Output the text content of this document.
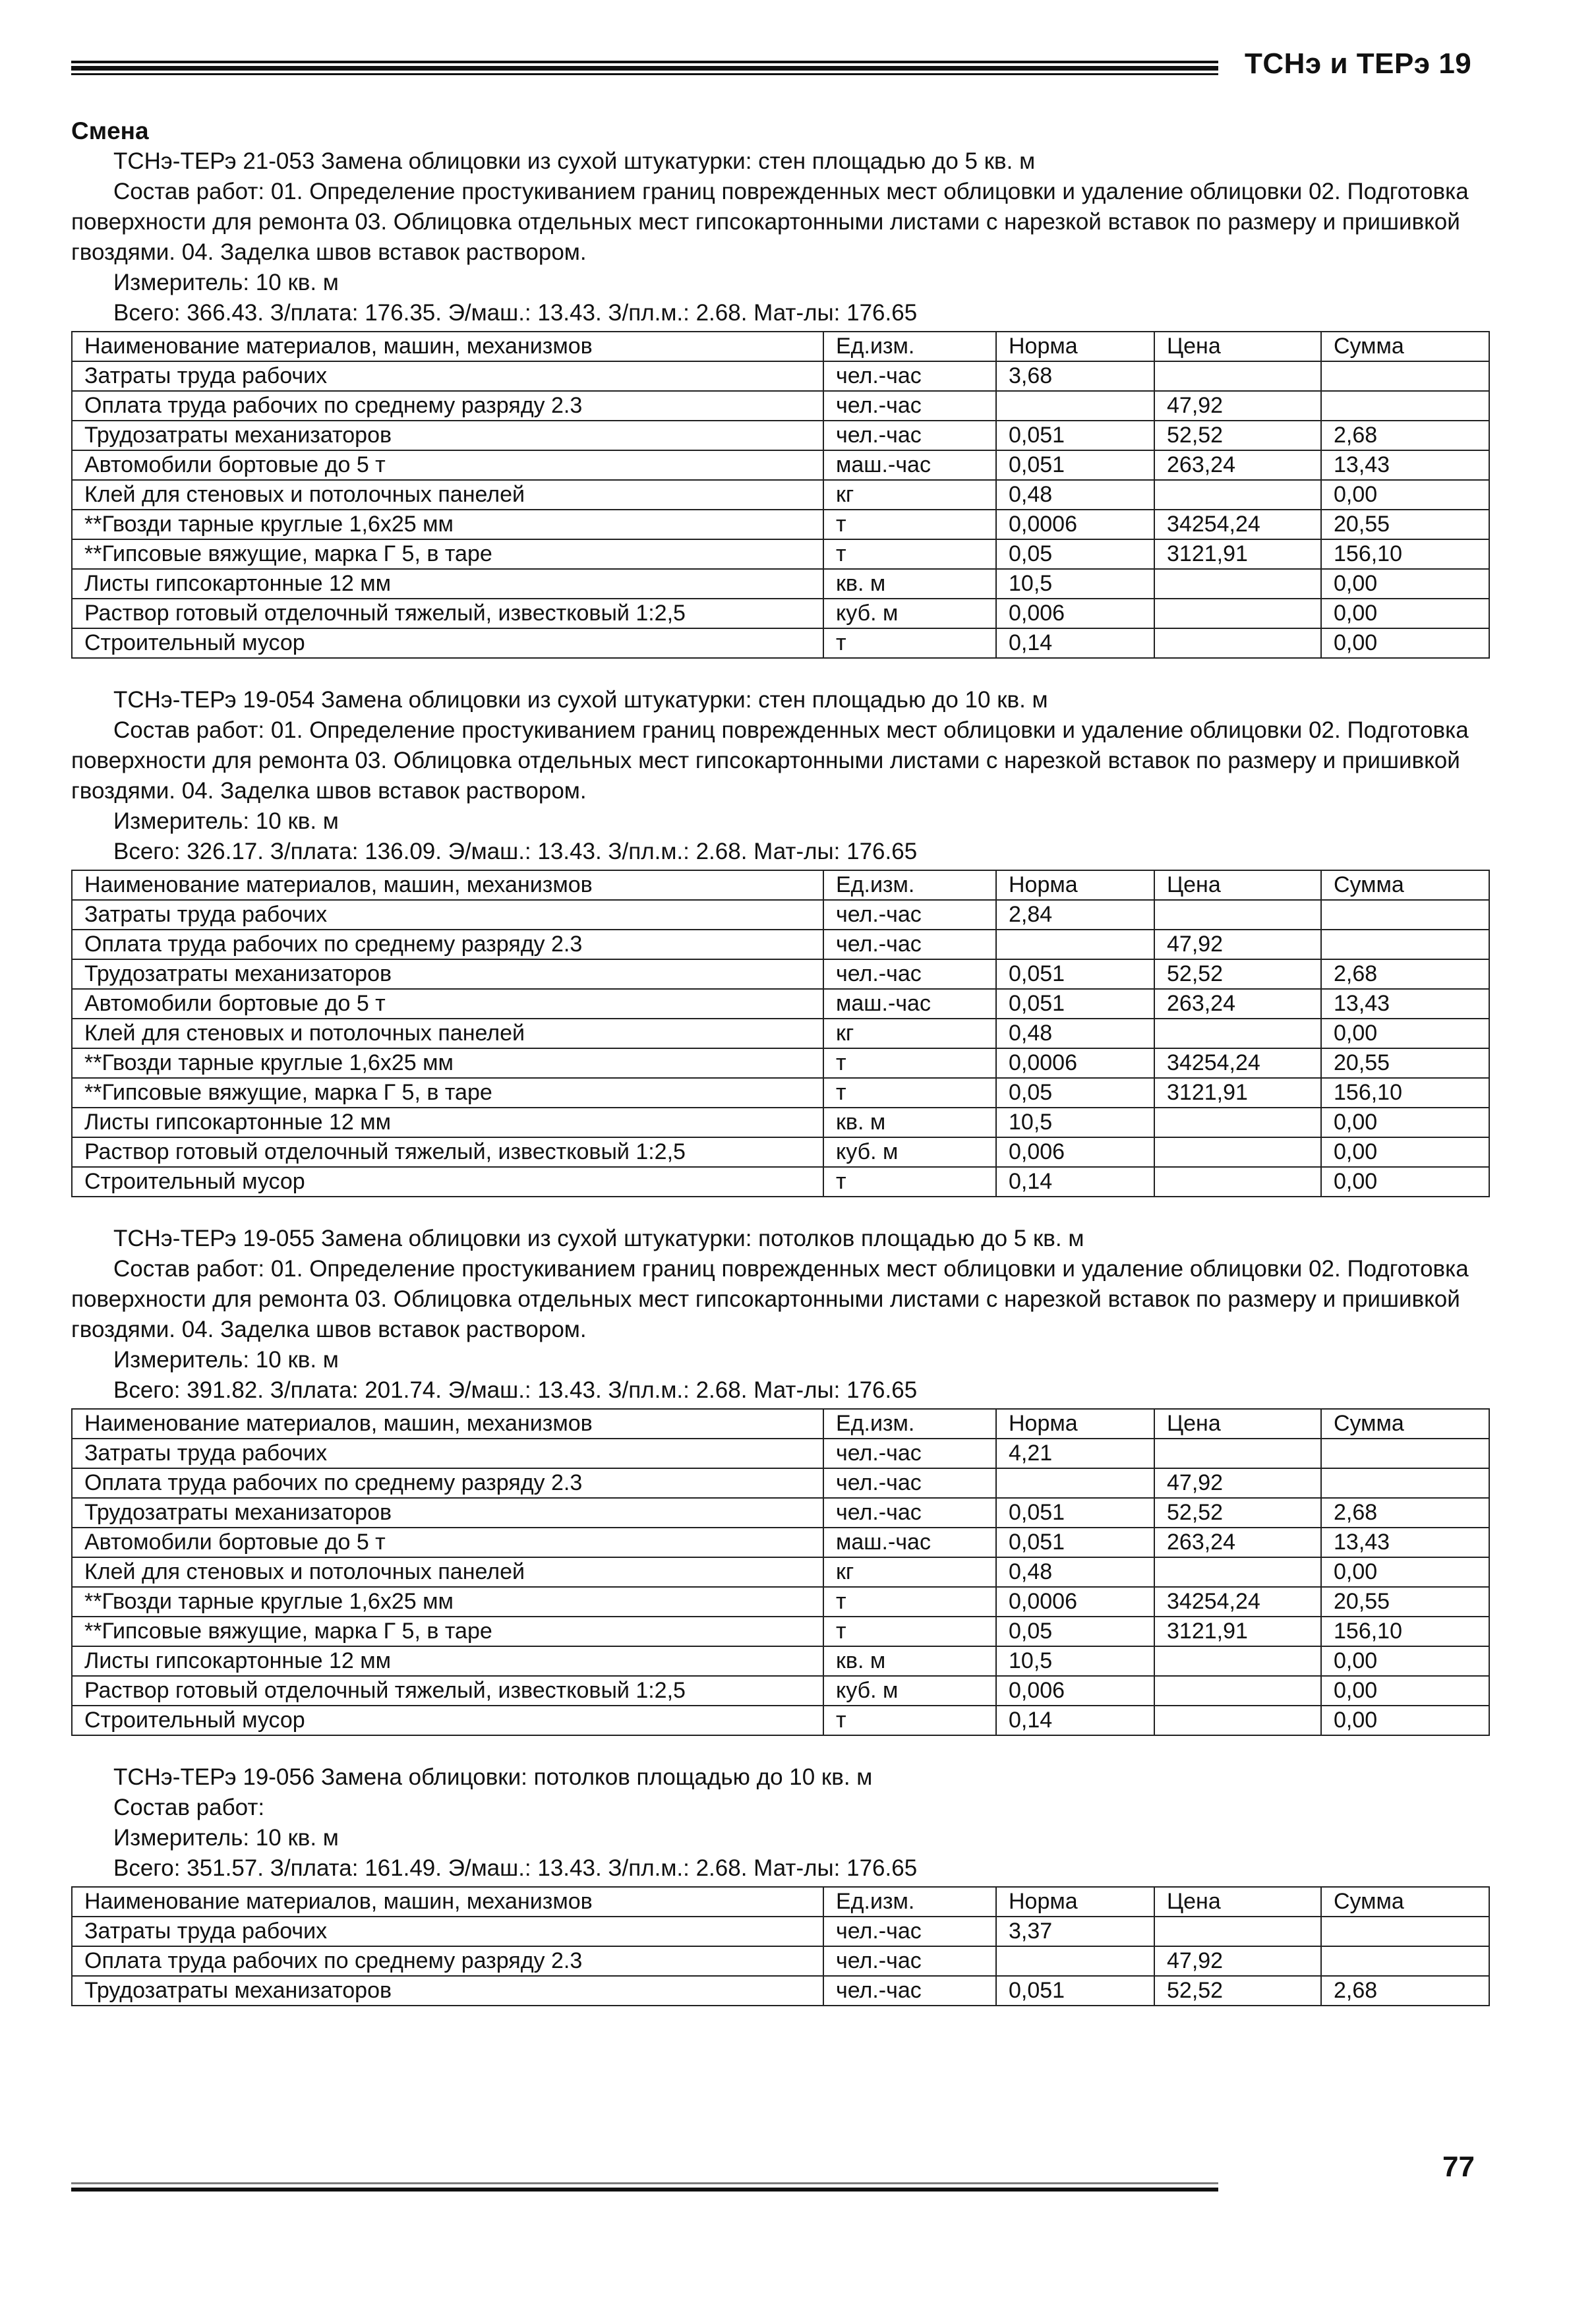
ТСНэ и ТЕРэ 19
Смена
ТСНэ-ТЕРэ 21-053 Замена облицовки из сухой штукатурки: стен площадью до 5 кв. м
Состав работ: 01. Определение простукиванием границ поврежденных мест облицовки и удаление облицовки 02. Подготовка поверхности для ремонта 03. Облицовка отдельных мест гипсокартонными листами с нарезкой вставок по размеру и пришивкой гвоздями. 04. Заделка швов вставок раствором.
Измеритель: 10 кв. м
Всего: 366.43. З/плата: 176.35. Э/маш.: 13.43. З/пл.м.: 2.68. Мат-лы: 176.65
Наименование материалов, машин, механизмов	Ед.изм.	Норма	Цена	Сумма
Затраты труда рабочих	чел.-час	3,68		
Оплата труда рабочих по среднему разряду 2.3	чел.-час		47,92	
Трудозатраты механизаторов	чел.-час	0,051	52,52	2,68
Автомобили бортовые до 5 т	маш.-час	0,051	263,24	13,43
Клей для стеновых и потолочных панелей	кг	0,48		0,00
**Гвозди тарные круглые 1,6х25 мм	т	0,0006	34254,24	20,55
**Гипсовые вяжущие, марка Г 5, в таре	т	0,05	3121,91	156,10
Листы гипсокартонные 12 мм	кв. м	10,5		0,00
Раствор готовый отделочный тяжелый, известковый 1:2,5	куб. м	0,006		0,00
Строительный мусор	т	0,14		0,00
ТСНэ-ТЕРэ 19-054 Замена облицовки из сухой штукатурки: стен площадью до 10 кв. м
Состав работ: 01. Определение простукиванием границ поврежденных мест облицовки и удаление облицовки 02. Подготовка поверхности для ремонта 03. Облицовка отдельных мест гипсокартонными листами с нарезкой вставок по размеру и пришивкой гвоздями. 04. Заделка швов вставок раствором.
Измеритель: 10 кв. м
Всего: 326.17. З/плата: 136.09. Э/маш.: 13.43. З/пл.м.: 2.68. Мат-лы: 176.65
Наименование материалов, машин, механизмов	Ед.изм.	Норма	Цена	Сумма
Затраты труда рабочих	чел.-час	2,84		
Оплата труда рабочих по среднему разряду 2.3	чел.-час		47,92	
Трудозатраты механизаторов	чел.-час	0,051	52,52	2,68
Автомобили бортовые до 5 т	маш.-час	0,051	263,24	13,43
Клей для стеновых и потолочных панелей	кг	0,48		0,00
**Гвозди тарные круглые 1,6х25 мм	т	0,0006	34254,24	20,55
**Гипсовые вяжущие, марка Г 5, в таре	т	0,05	3121,91	156,10
Листы гипсокартонные 12 мм	кв. м	10,5		0,00
Раствор готовый отделочный тяжелый, известковый 1:2,5	куб. м	0,006		0,00
Строительный мусор	т	0,14		0,00
ТСНэ-ТЕРэ 19-055 Замена облицовки из сухой штукатурки: потолков площадью до 5 кв. м
Состав работ: 01. Определение простукиванием границ поврежденных мест облицовки и удаление облицовки 02. Подготовка поверхности для ремонта 03. Облицовка отдельных мест гипсокартонными листами с нарезкой вставок по размеру и пришивкой гвоздями. 04. Заделка швов вставок раствором.
Измеритель: 10 кв. м
Всего: 391.82. З/плата: 201.74. Э/маш.: 13.43. З/пл.м.: 2.68. Мат-лы: 176.65
Наименование материалов, машин, механизмов	Ед.изм.	Норма	Цена	Сумма
Затраты труда рабочих	чел.-час	4,21		
Оплата труда рабочих по среднему разряду 2.3	чел.-час		47,92	
Трудозатраты механизаторов	чел.-час	0,051	52,52	2,68
Автомобили бортовые до 5 т	маш.-час	0,051	263,24	13,43
Клей для стеновых и потолочных панелей	кг	0,48		0,00
**Гвозди тарные круглые 1,6х25 мм	т	0,0006	34254,24	20,55
**Гипсовые вяжущие, марка Г 5, в таре	т	0,05	3121,91	156,10
Листы гипсокартонные 12 мм	кв. м	10,5		0,00
Раствор готовый отделочный тяжелый, известковый 1:2,5	куб. м	0,006		0,00
Строительный мусор	т	0,14		0,00
ТСНэ-ТЕРэ 19-056 Замена облицовки: потолков площадью до 10 кв. м
Состав работ:
Измеритель: 10 кв. м
Всего: 351.57. З/плата: 161.49. Э/маш.: 13.43. З/пл.м.: 2.68. Мат-лы: 176.65
Наименование материалов, машин, механизмов	Ед.изм.	Норма	Цена	Сумма
Затраты труда рабочих	чел.-час	3,37		
Оплата труда рабочих по среднему разряду 2.3	чел.-час		47,92	
Трудозатраты механизаторов	чел.-час	0,051	52,52	2,68
77
